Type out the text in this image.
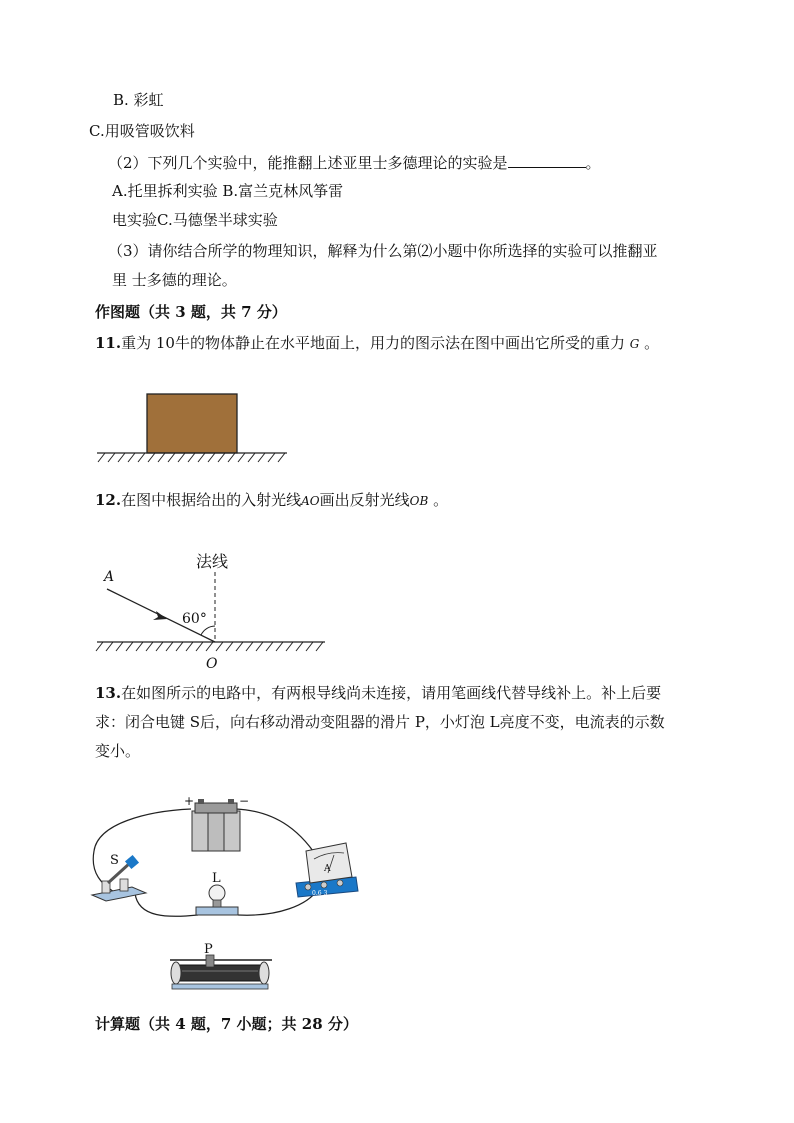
B. 彩虹
C.用吸管吸饮料
（2）下列几个实验中，能推翻上述亚里士多德理论的实验是	。
A.托里拆利实验 B.富兰克林风筝雷
电实验C.马德堡半球实验
（3）请你结合所学的物理知识，解释为什么第⑵小题中你所选择的实验可以推翻亚
里 士多德的理论。
作图题（共 3 题，共 7 分）
11.重为 10牛的物体静止在水平地面上，用力的图示法在图中画出它所受的重力 G 。
12.在图中根据给出的入射光线AO画出反射光线OB 。
法线
A
60°
O
13.在如图所示的电路中，有两根导线尚未连接，请用笔画线代替导线补上。补上后要
求：闭合电键 S后，向右移动滑动变阻器的滑片 P，小灯泡 L亮度不变，电流表的示数
变小。
+	−
S
L
A
0.6 3
P
计算题（共 4 题，7 小题；共 28 分）
